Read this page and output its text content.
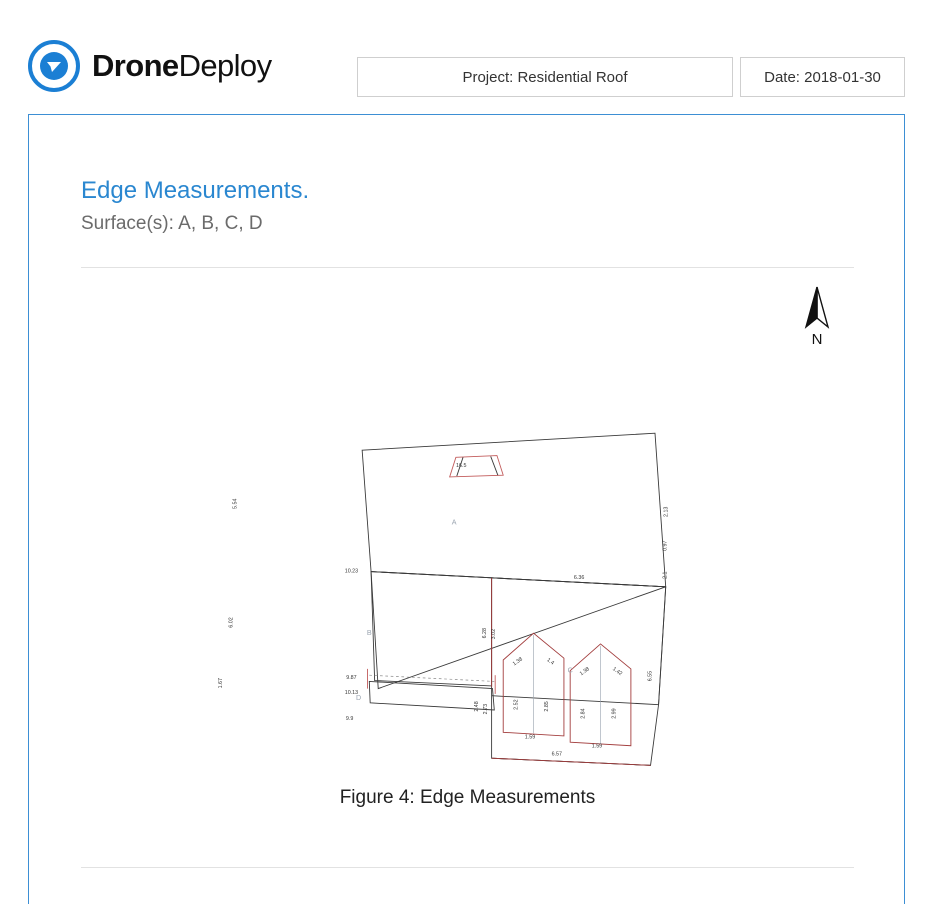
DroneDeploy	Project: Residential Roof	Date: 2018-01-30
Edge Measurements.
Surface(s): A, B, C, D
N
16.5
5.54
10.23
6.36
2.13
0.97
2.1
6.02
6.28 3.02
9.87
10.13
1.67
9.9
2.48 2.73
6.55
6.57
1.38	1.4
1.38	1.42
2.52	2.85
2.84	2.99
1.59
1.59
A
B
C
D
Figure 4: Edge Measurements
